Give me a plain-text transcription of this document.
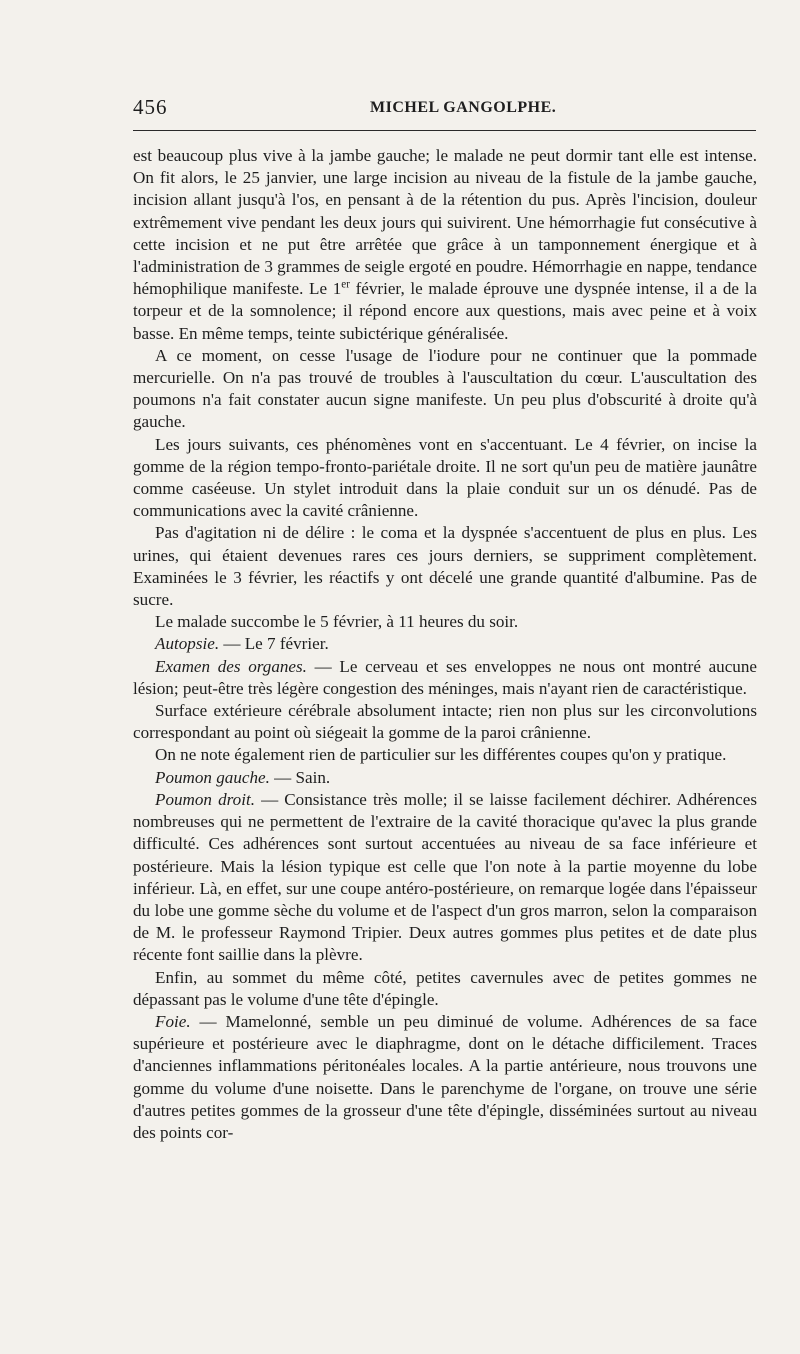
456	MICHEL GANGOLPHE.

est beaucoup plus vive à la jambe gauche; le malade ne peut dormir tant elle est intense. On fit alors, le 25 janvier, une large incision au niveau de la fistule de la jambe gauche, incision allant jusqu'à l'os, en pensant à de la rétention du pus. Après l'incision, douleur extrêmement vive pendant les deux jours qui suivirent. Une hémorrhagie fut consécutive à cette incision et ne put être arrêtée que grâce à un tamponnement énergique et à l'administration de 3 grammes de seigle ergoté en poudre. Hémorrhagie en nappe, tendance hémophilique manifeste. Le 1er février, le malade éprouve une dyspnée intense, il a de la torpeur et de la somnolence; il répond encore aux questions, mais avec peine et à voix basse. En même temps, teinte subictérique généralisée.

A ce moment, on cesse l'usage de l'iodure pour ne continuer que la pommade mercurielle. On n'a pas trouvé de troubles à l'auscultation du cœur. L'auscultation des poumons n'a fait constater aucun signe manifeste. Un peu plus d'obscurité à droite qu'à gauche.

Les jours suivants, ces phénomènes vont en s'accentuant. Le 4 février, on incise la gomme de la région tempo-fronto-pariétale droite. Il ne sort qu'un peu de matière jaunâtre comme caséeuse. Un stylet introduit dans la plaie conduit sur un os dénudé. Pas de communications avec la cavité crânienne.

Pas d'agitation ni de délire : le coma et la dyspnée s'accentuent de plus en plus. Les urines, qui étaient devenues rares ces jours derniers, se suppriment complètement. Examinées le 3 février, les réactifs y ont décelé une grande quantité d'albumine. Pas de sucre.

Le malade succombe le 5 février, à 11 heures du soir.

Autopsie. — Le 7 février.

Examen des organes. — Le cerveau et ses enveloppes ne nous ont montré aucune lésion; peut-être très légère congestion des méninges, mais n'ayant rien de caractéristique.

Surface extérieure cérébrale absolument intacte; rien non plus sur les circonvolutions correspondant au point où siégeait la gomme de la paroi crânienne.

On ne note également rien de particulier sur les différentes coupes qu'on y pratique.

Poumon gauche. — Sain.

Poumon droit. — Consistance très molle; il se laisse facilement déchirer. Adhérences nombreuses qui ne permettent de l'extraire de la cavité thoracique qu'avec la plus grande difficulté. Ces adhérences sont surtout accentuées au niveau de sa face inférieure et postérieure. Mais la lésion typique est celle que l'on note à la partie moyenne du lobe inférieur. Là, en effet, sur une coupe antéro-postérieure, on remarque logée dans l'épaisseur du lobe une gomme sèche du volume et de l'aspect d'un gros marron, selon la comparaison de M. le professeur Raymond Tripier. Deux autres gommes plus petites et de date plus récente font saillie dans la plèvre.

Enfin, au sommet du même côté, petites cavernules avec de petites gommes ne dépassant pas le volume d'une tête d'épingle.

Foie. — Mamelonné, semble un peu diminué de volume. Adhérences de sa face supérieure et postérieure avec le diaphragme, dont on le détache difficilement. Traces d'anciennes inflammations péritonéales locales. A la partie antérieure, nous trouvons une gomme du volume d'une noisette. Dans le parenchyme de l'organe, on trouve une série d'autres petites gommes de la grosseur d'une tête d'épingle, disséminées surtout au niveau des points cor-
